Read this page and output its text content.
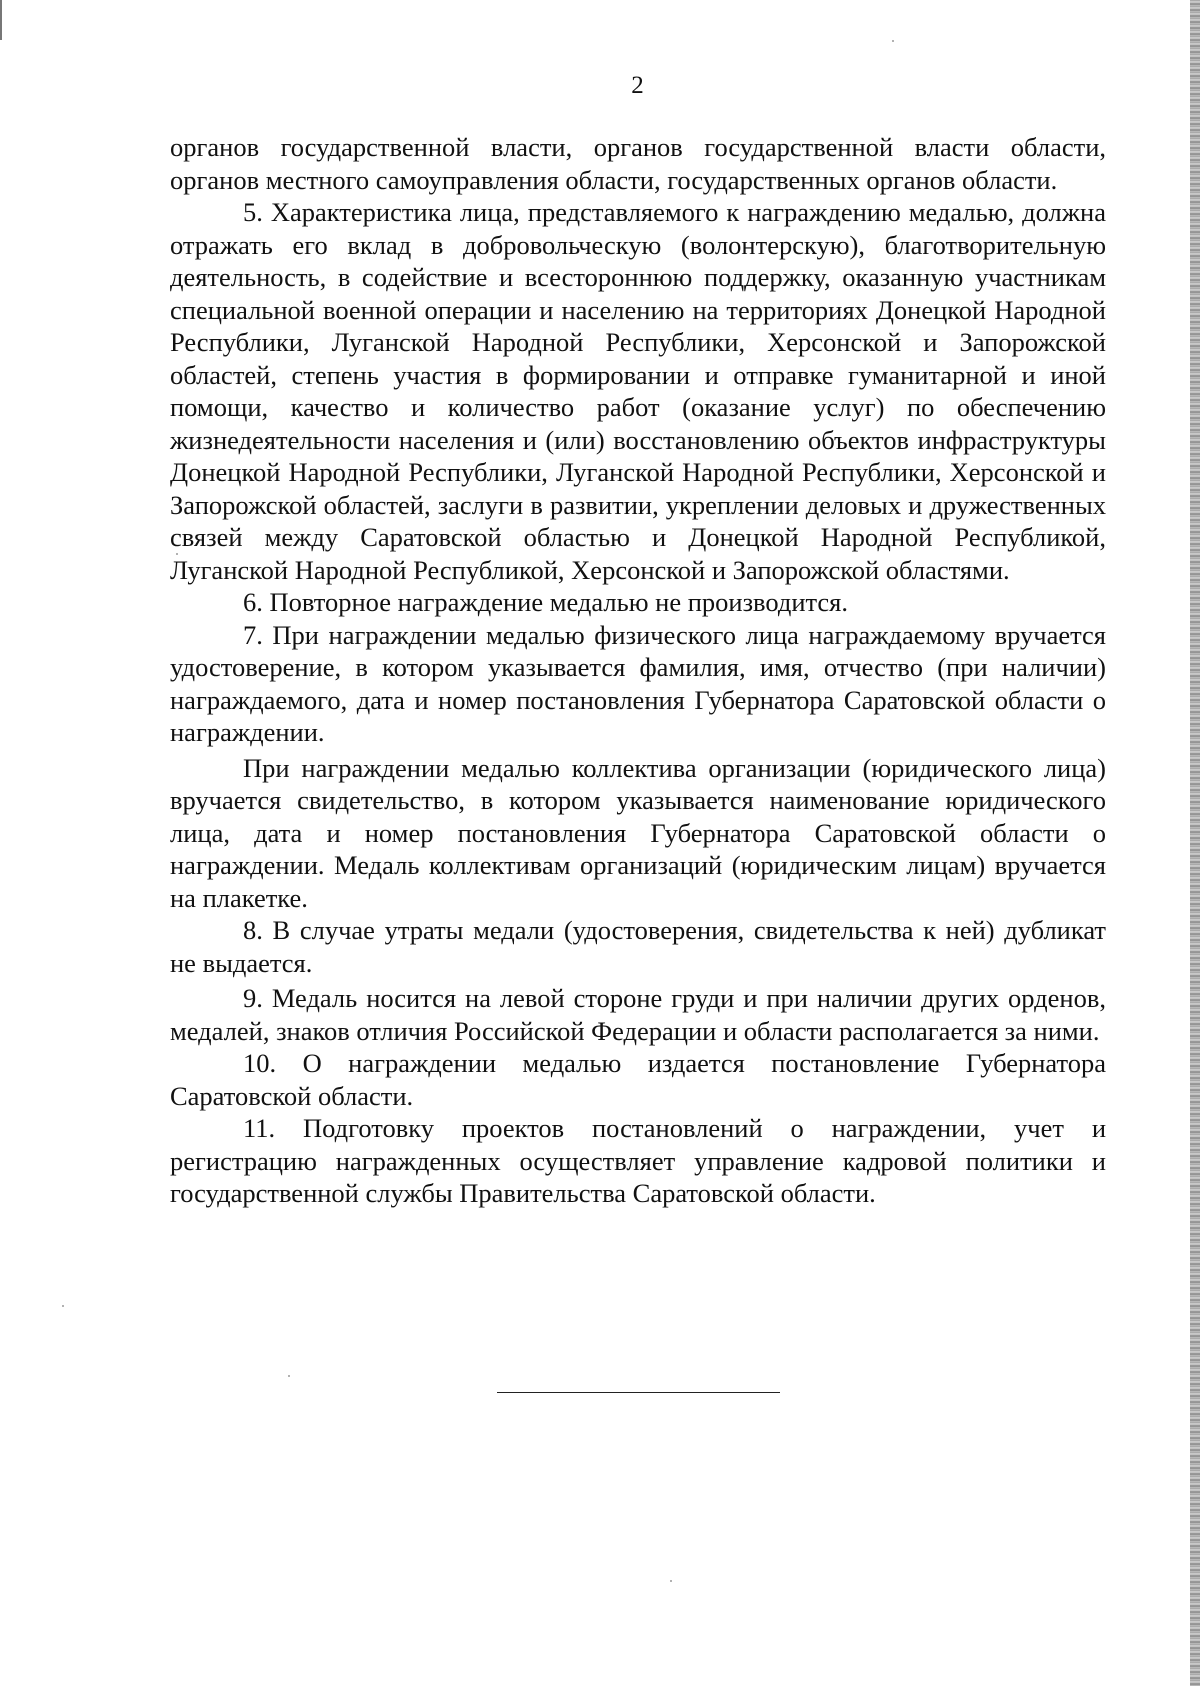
2

органов государственной власти, органов государственной власти области, органов местного самоуправления области, государственных органов области.

5. Характеристика лица, представляемого к награждению медалью, должна отражать его вклад в добровольческую (волонтерскую), благотворительную деятельность, в содействие и всестороннюю поддержку, оказанную участникам специальной военной операции и населению на территориях Донецкой Народной Республики, Луганской Народной Республики, Херсонской и Запорожской областей, степень участия в формировании и отправке гуманитарной и иной помощи, качество и количество работ (оказание услуг) по обеспечению жизнедеятельности населения и (или) восстановлению объектов инфраструктуры Донецкой Народной Республики, Луганской Народной Республики, Херсонской и Запорожской областей, заслуги в развитии, укреплении деловых и дружественных связей между Саратовской областью и Донецкой Народной Республикой, Луганской Народной Республикой, Херсонской и Запорожской областями.

6. Повторное награждение медалью не производится.

7. При награждении медалью физического лица награждаемому вручается удостоверение, в котором указывается фамилия, имя, отчество (при наличии) награждаемого, дата и номер постановления Губернатора Саратовской области о награждении.

При награждении медалью коллектива организации (юридического лица) вручается свидетельство, в котором указывается наименование юридического лица, дата и номер постановления Губернатора Саратовской области о награждении. Медаль коллективам организаций (юридическим лицам) вручается на плакетке.

8. В случае утраты медали (удостоверения, свидетельства к ней) дубликат не выдается.

9. Медаль носится на левой стороне груди и при наличии других орденов, медалей, знаков отличия Российской Федерации и области располагается за ними.

10. О награждении медалью издается постановление Губернатора Саратовской области.

11. Подготовку проектов постановлений о награждении, учет и регистрацию награжденных осуществляет управление кадровой политики и государственной службы Правительства Саратовской области.
